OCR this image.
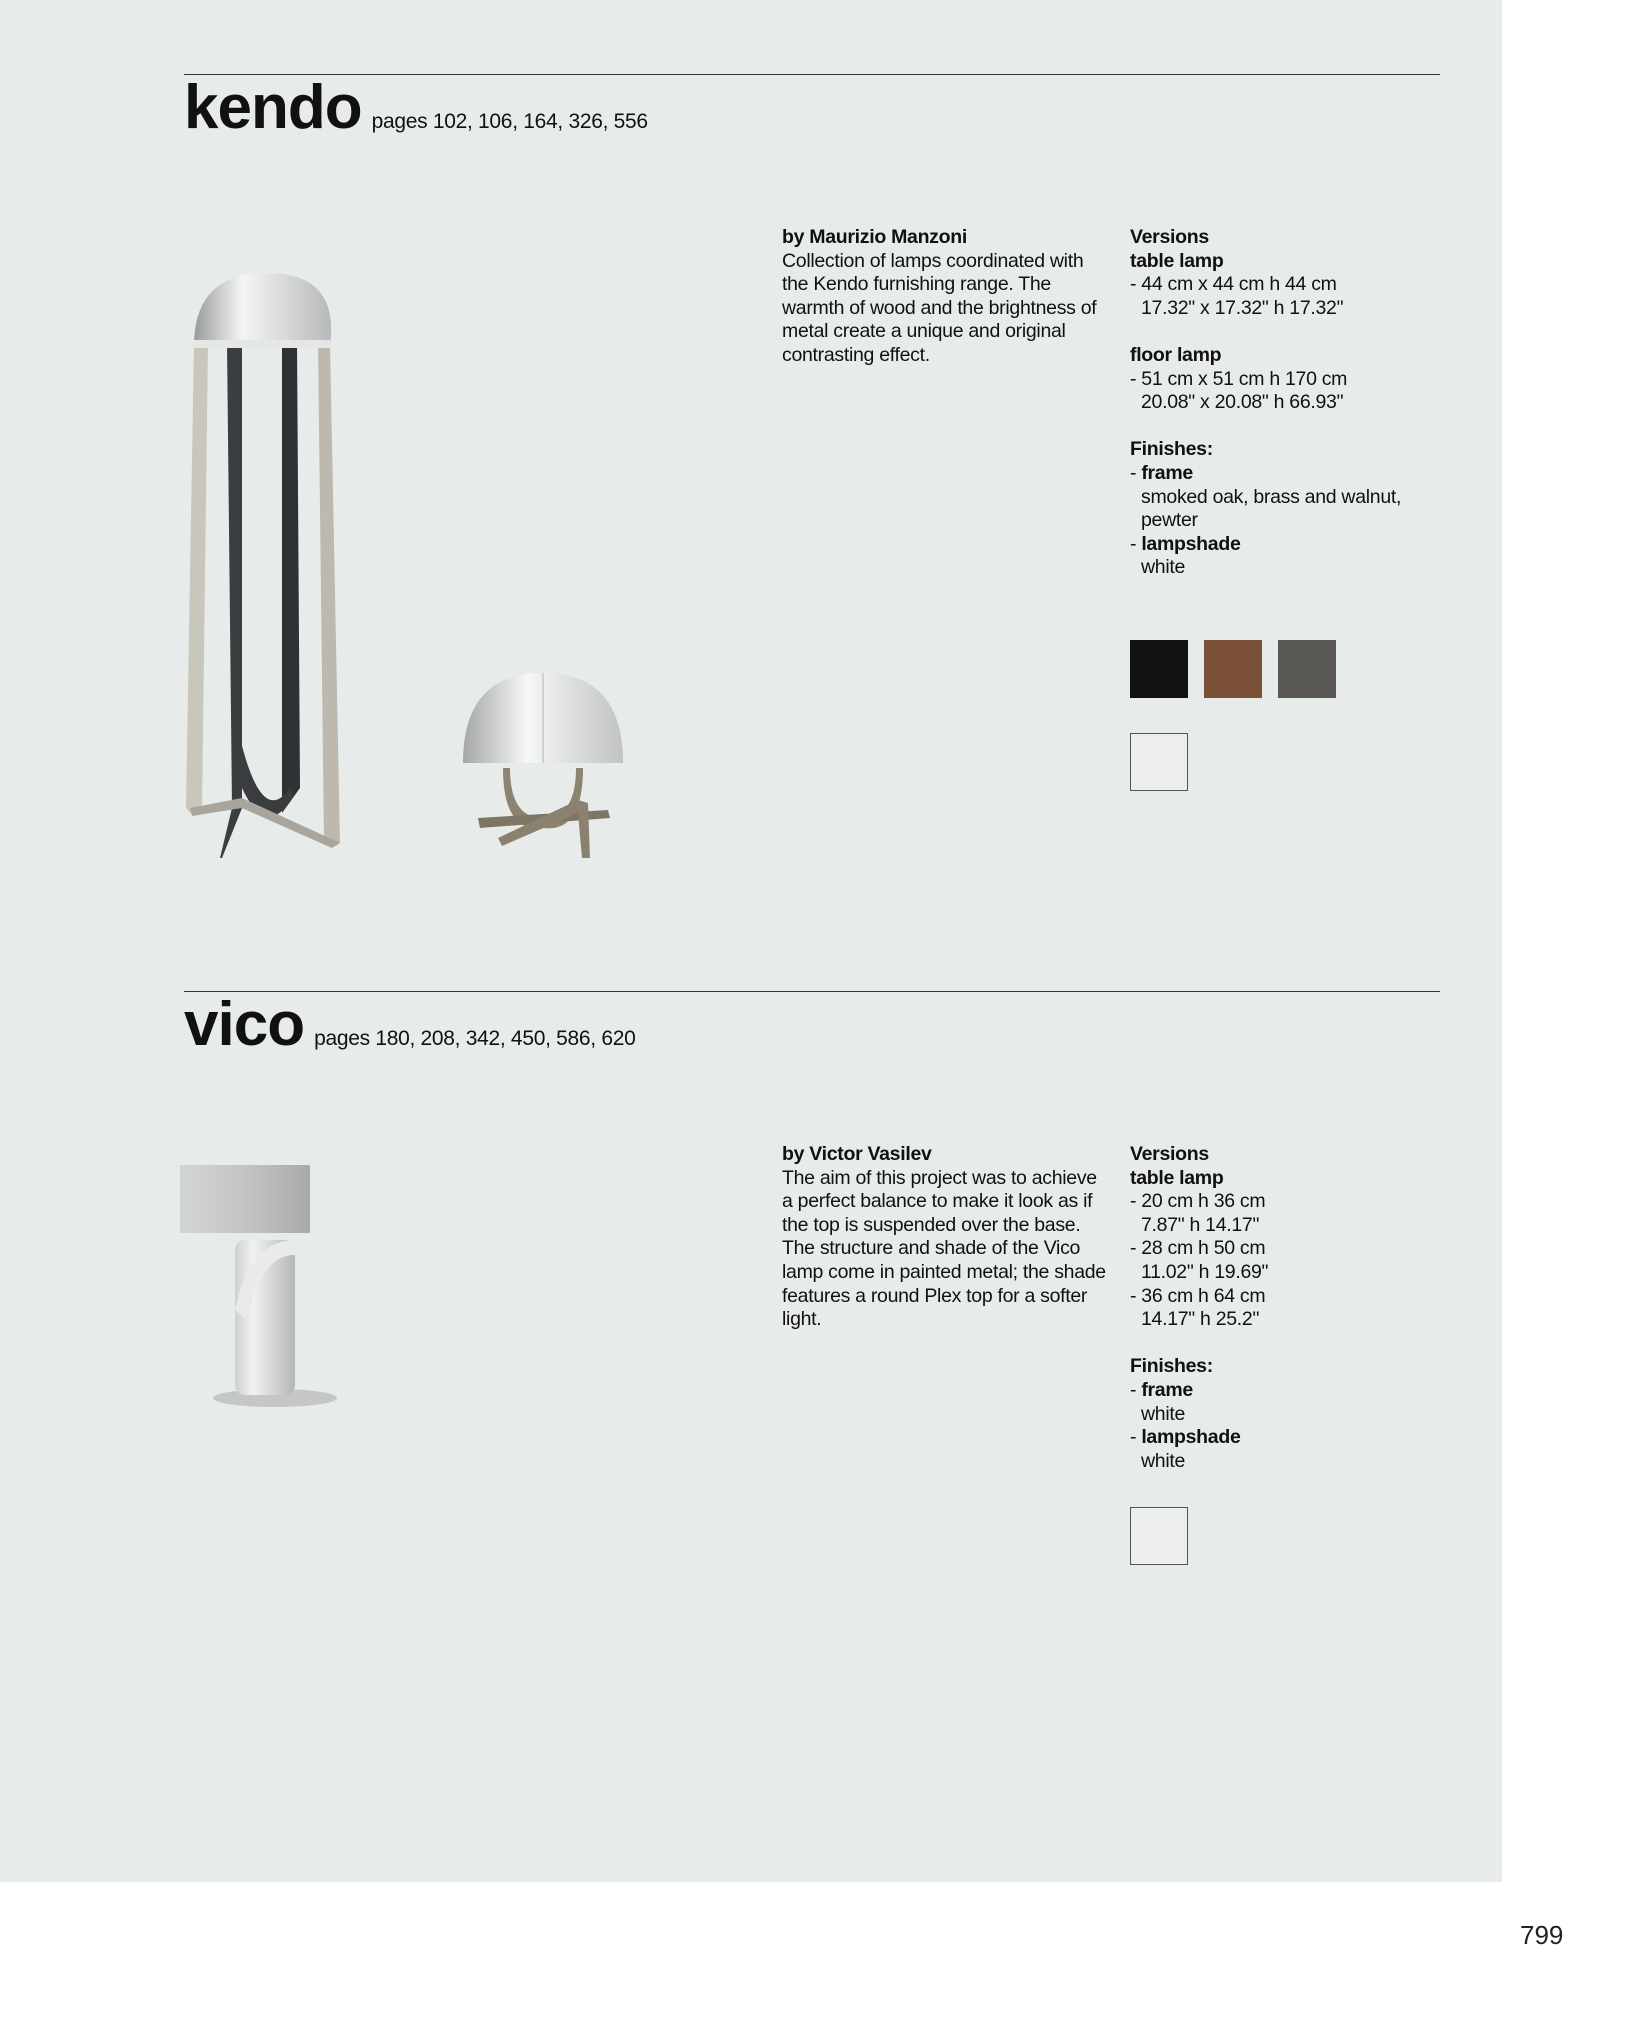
kendo pages 102, 106, 164, 326, 556
by Maurizio Manzoni
Collection of lamps coordinated with the Kendo furnishing range. The warmth of wood and the brightness of metal create a unique and original contrasting effect.
Versions
table lamp
- 44 cm x 44 cm h 44 cm
17.32" x 17.32" h 17.32"
floor lamp
- 51 cm x 51 cm h 170 cm
20.08" x 20.08" h 66.93"
Finishes:
- frame
smoked oak, brass and walnut,
pewter
- lampshade
white
vico pages 180, 208, 342, 450, 586, 620
by Victor Vasilev
The aim of this project was to achieve a perfect balance to make it look as if the top is suspended over the base. The structure and shade of the Vico lamp come in painted metal; the shade features a round Plex top for a softer light.
Versions
table lamp
- 20 cm h 36 cm
7.87" h 14.17"
- 28 cm h 50 cm
11.02" h 19.69"
- 36 cm h 64 cm
14.17" h 25.2"
Finishes:
- frame
white
- lampshade
white
799
